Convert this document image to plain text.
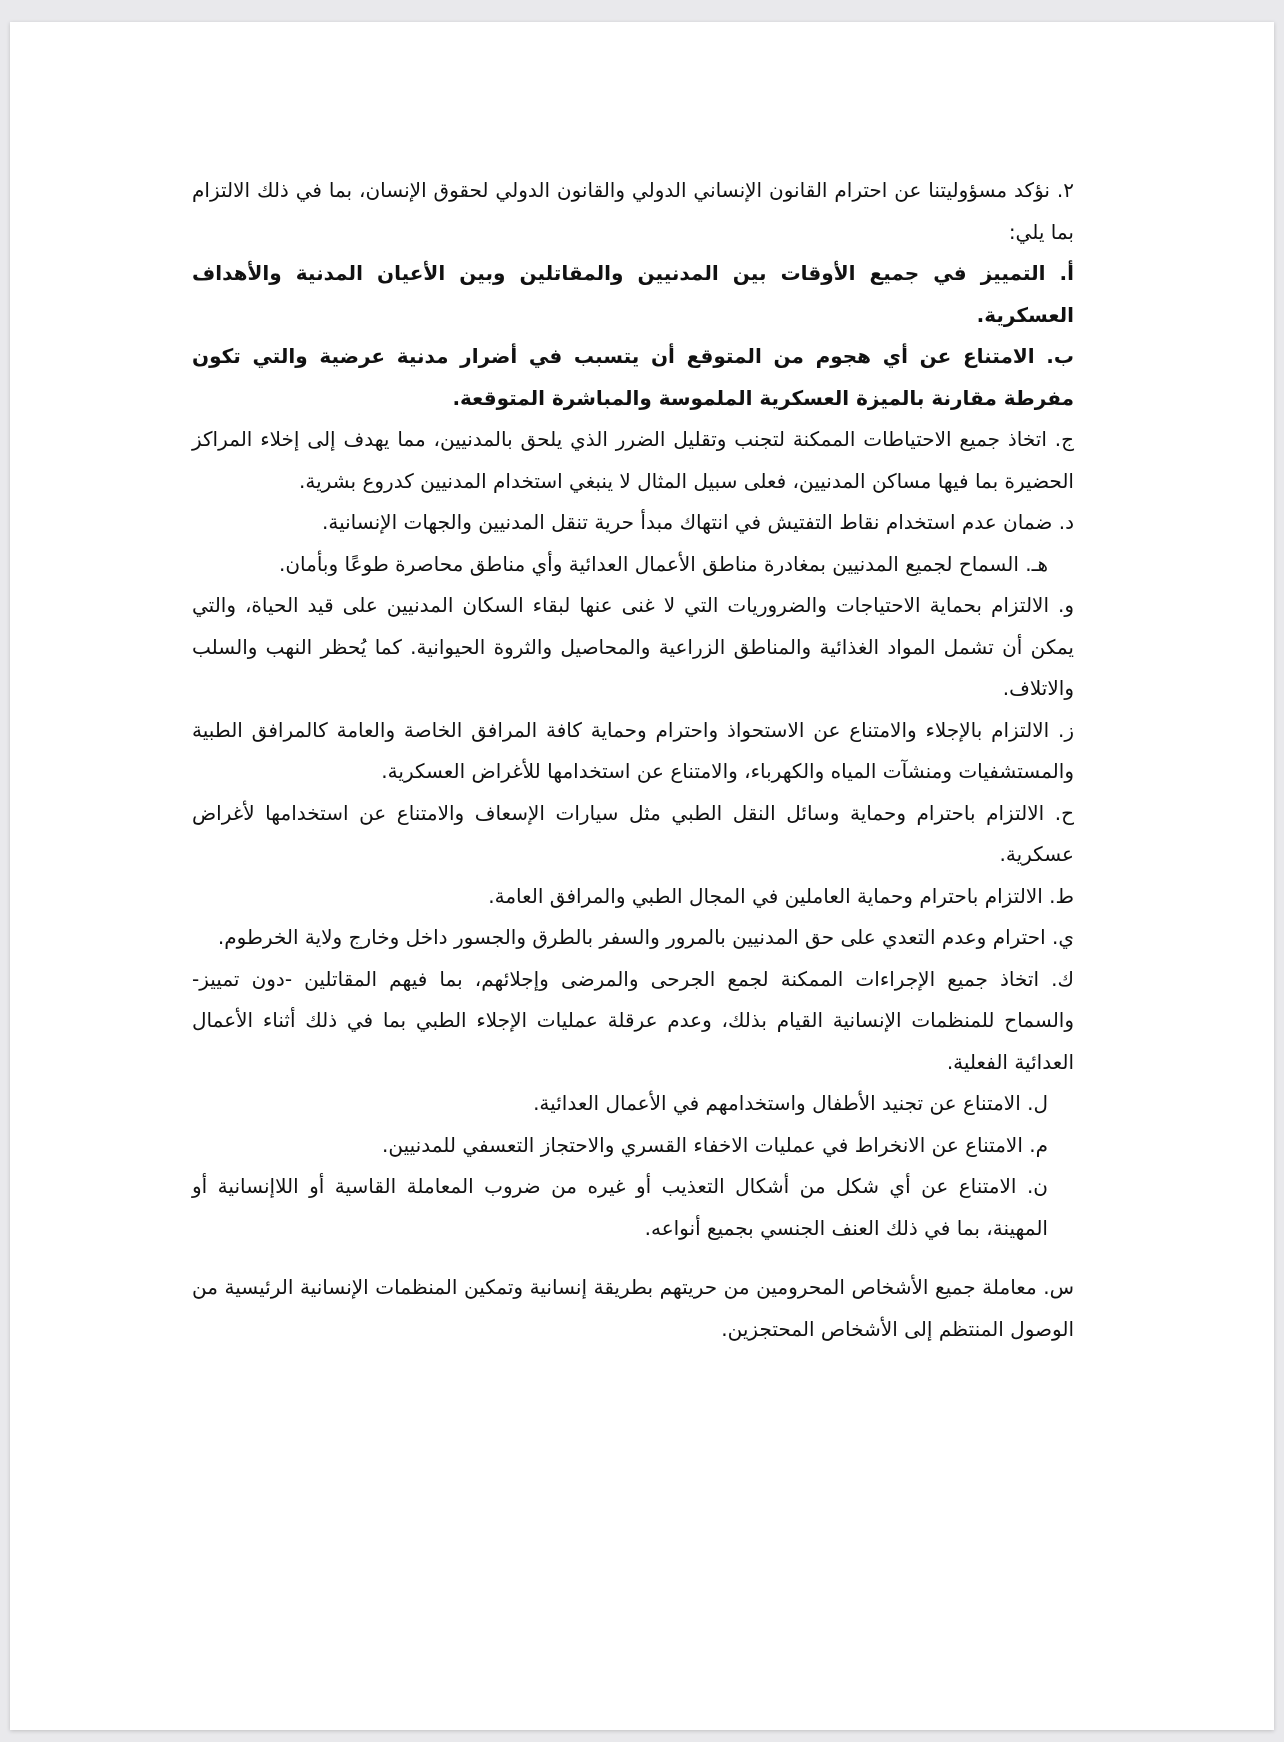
٢. نؤكد مسؤوليتنا عن احترام القانون الإنساني الدولي والقانون الدولي لحقوق الإنسان، بما في ذلك الالتزام بما يلي:

أ. التمييز في جميع الأوقات بين المدنيين والمقاتلين وبين الأعيان المدنية والأهداف العسكرية.

ب. الامتناع عن أي هجوم من المتوقع أن يتسبب في أضرار مدنية عرضية والتي تكون مفرطة مقارنة بالميزة العسكرية الملموسة والمباشرة المتوقعة.

ج. اتخاذ جميع الاحتياطات الممكنة لتجنب وتقليل الضرر الذي يلحق بالمدنيين، مما يهدف إلى إخلاء المراكز الحضيرة بما فيها مساكن المدنيين، فعلى سبيل المثال لا ينبغي استخدام المدنيين كدروع بشرية.

د. ضمان عدم استخدام نقاط التفتيش في انتهاك مبدأ حرية تنقل المدنيين والجهات الإنسانية.

هـ. السماح لجميع المدنيين بمغادرة مناطق الأعمال العدائية وأي مناطق محاصرة طوعًا وبأمان.

و. الالتزام بحماية الاحتياجات والضروريات التي لا غنى عنها لبقاء السكان المدنيين على قيد الحياة، والتي يمكن أن تشمل المواد الغذائية والمناطق الزراعية والمحاصيل والثروة الحيوانية. كما يُحظر النهب والسلب والاتلاف.

ز. الالتزام بالإجلاء والامتناع عن الاستحواذ واحترام وحماية كافة المرافق الخاصة والعامة كالمرافق الطبية والمستشفيات ومنشآت المياه والكهرباء، والامتناع عن استخدامها للأغراض العسكرية.

ح. الالتزام باحترام وحماية وسائل النقل الطبي مثل سيارات الإسعاف والامتناع عن استخدامها لأغراض عسكرية.

ط. الالتزام باحترام وحماية العاملين في المجال الطبي والمرافق العامة.

ي. احترام وعدم التعدي على حق المدنيين بالمرور والسفر بالطرق والجسور داخل وخارج ولاية الخرطوم.

ك. اتخاذ جميع الإجراءات الممكنة لجمع الجرحى والمرضى وإجلائهم، بما فيهم المقاتلين -دون تمييز- والسماح للمنظمات الإنسانية القيام بذلك، وعدم عرقلة عمليات الإجلاء الطبي بما في ذلك أثناء الأعمال العدائية الفعلية.

ل. الامتناع عن تجنيد الأطفال واستخدامهم في الأعمال العدائية.

م. الامتناع عن الانخراط في عمليات الاخفاء القسري والاحتجاز التعسفي للمدنيين.

ن. الامتناع عن أي شكل من أشكال التعذيب أو غيره من ضروب المعاملة القاسية أو اللاإنسانية أو المهينة، بما في ذلك العنف الجنسي بجميع أنواعه.

س. معاملة جميع الأشخاص المحرومين من حريتهم بطريقة إنسانية وتمكين المنظمات الإنسانية الرئيسية من الوصول المنتظم إلى الأشخاص المحتجزين.
